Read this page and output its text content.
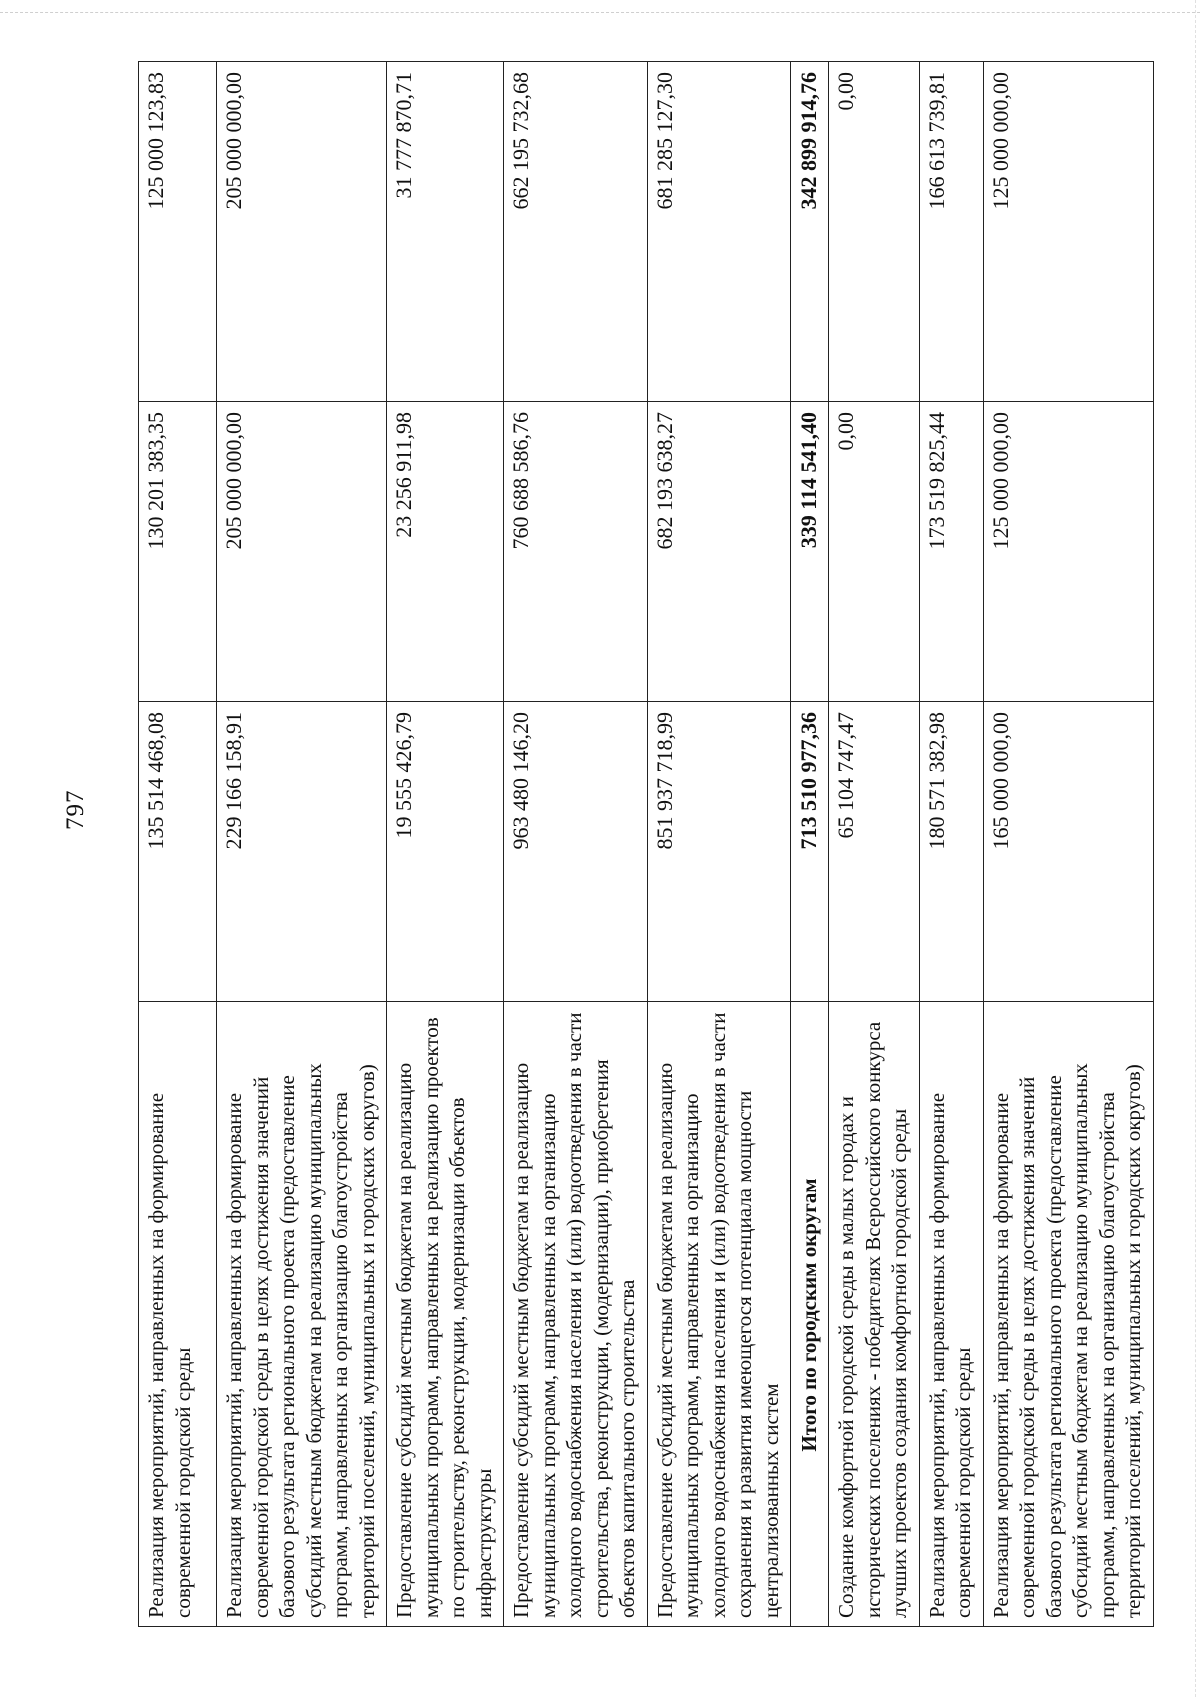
797
Реализация мероприятий, направленных на формирование современной городской среды	135 514 468,08	130 201 383,35	125 000 123,83
Реализация мероприятий, направленных на формирование современной городской среды в целях достижения значений базового результата регионального проекта (предоставление субсидий местным бюджетам на реализацию муниципальных программ, направленных на организацию благоустройства территорий поселений, муниципальных и городских округов)	229 166 158,91	205 000 000,00	205 000 000,00
Предоставление субсидий местным бюджетам на реализацию муниципальных программ, направленных на реализацию проектов по строительству, реконструкции, модернизации объектов инфраструктуры	19 555 426,79	23 256 911,98	31 777 870,71
Предоставление субсидий местным бюджетам на реализацию муниципальных программ, направленных на организацию холодного водоснабжения населения и (или) водоотведения в части строительства, реконструкции, (модернизации), приобретения объектов капитального строительства	963 480 146,20	760 688 586,76	662 195 732,68
Предоставление субсидий местным бюджетам на реализацию муниципальных программ, направленных на организацию холодного водоснабжения населения и (или) водоотведения в части сохранения и развития имеющегося потенциала мощности централизованных систем	851 937 718,99	682 193 638,27	681 285 127,30
Итого по городским округам	713 510 977,36	339 114 541,40	342 899 914,76
Создание комфортной городской среды в малых городах и исторических поселениях - победителях Всероссийского конкурса лучших проектов создания комфортной городской среды	65 104 747,47	0,00	0,00
Реализация мероприятий, направленных на формирование современной городской среды	180 571 382,98	173 519 825,44	166 613 739,81
Реализация мероприятий, направленных на формирование современной городской среды в целях достижения значений базового результата регионального проекта (предоставление субсидий местным бюджетам на реализацию муниципальных программ, направленных на организацию благоустройства территорий поселений, муниципальных и городских округов)	165 000 000,00	125 000 000,00	125 000 000,00
